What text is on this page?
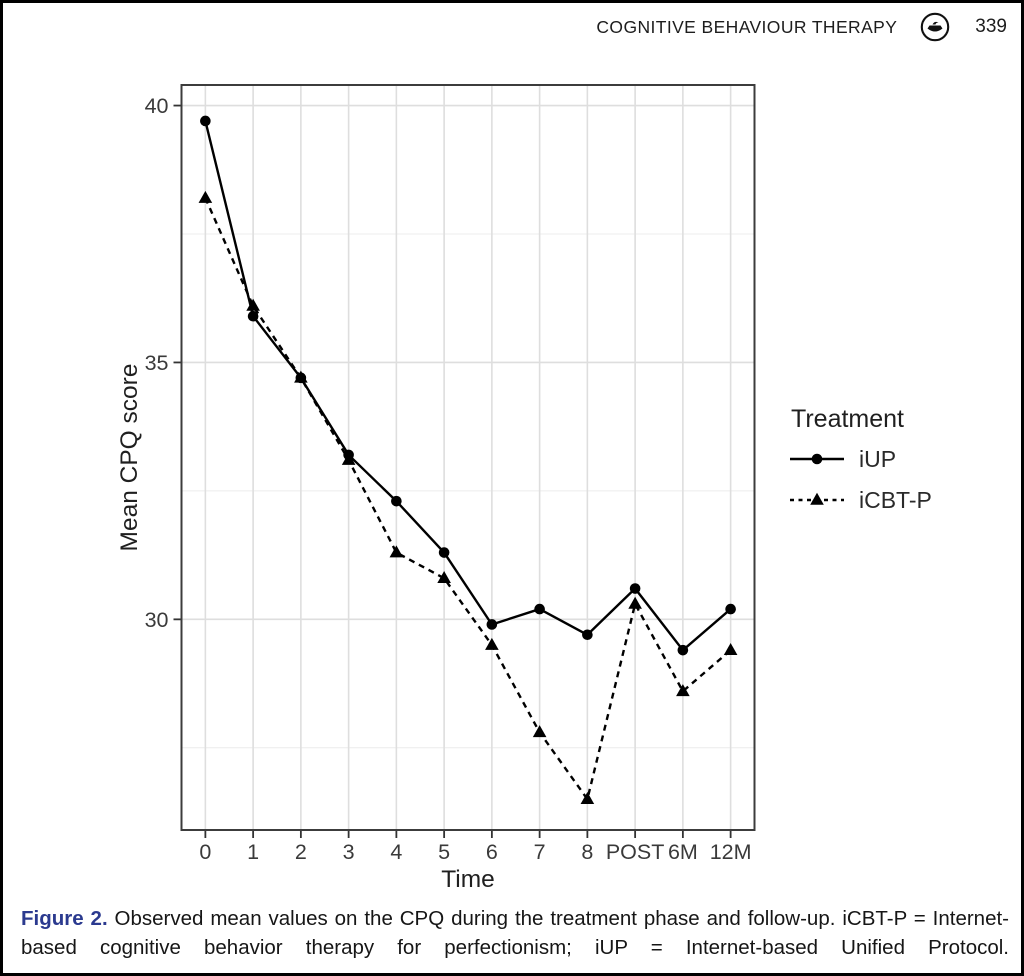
COGNITIVE BEHAVIOUR THERAPY	339
0 1 2 3 4 5 6 7 8 POST 6M 12M
Time
30
35
40
Mean CPQ score	Treatment
iUP
iCBT-P
Figure 2. Observed mean values on the CPQ during the treatment phase and follow-up. iCBT-P = Internet-based cognitive behavior therapy for perfectionism; iUP = Internet-based Unified Protocol.
